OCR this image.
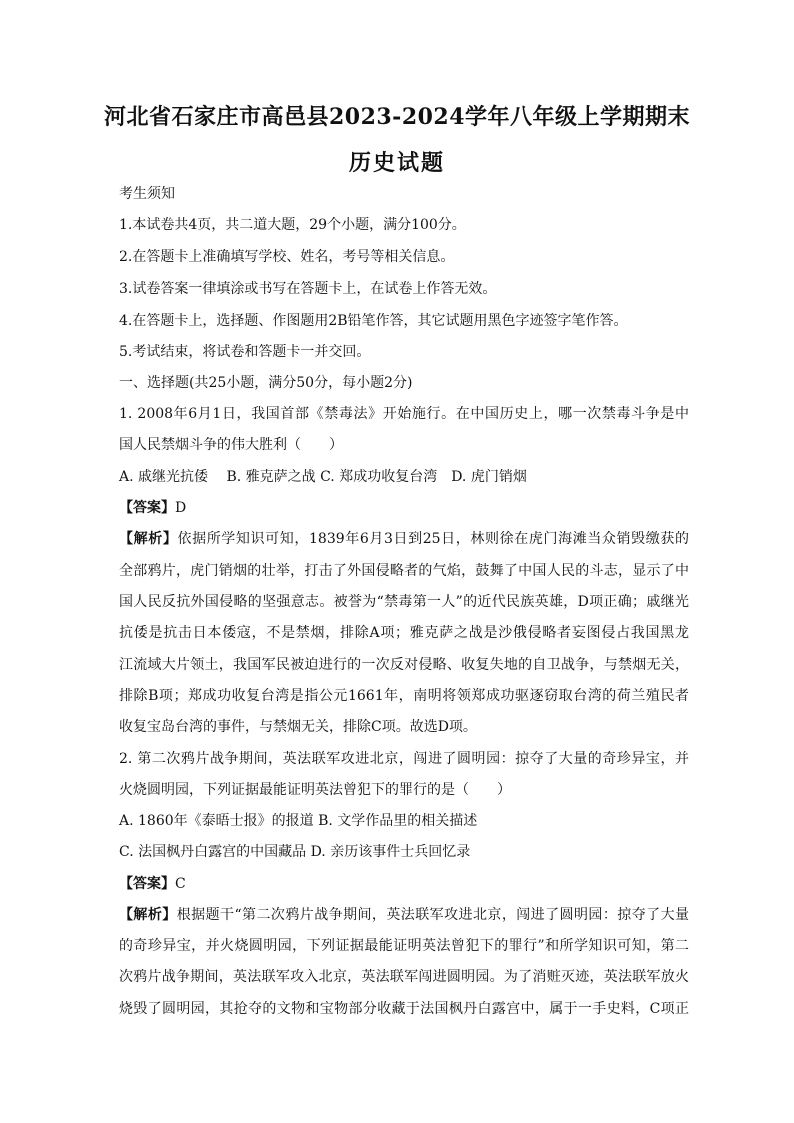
河北省石家庄市高邑县2023-2024学年八年级上学期期末
历史试题
考生须知
1.本试卷共4页，共二道大题，29个小题，满分100分。
2.在答题卡上准确填写学校、姓名，考号等相关信息。
3.试卷答案一律填涂或书写在答题卡上，在试卷上作答无效。
4.在答题卡上，选择题、作图题用2B铅笔作答，其它试题用黑色字迹签字笔作答。
5.考试结束，将试卷和答题卡一并交回。
一、选择题(共25小题，满分50分，每小题2分)
1. 2008年6月1日，我国首部《禁毒法》开始施行。在中国历史上，哪一次禁毒斗争是中
国人民禁烟斗争的伟大胜利（　　）
A. 戚继光抗倭　 B. 雅克萨之战 C. 郑成功收复台湾　D. 虎门销烟
【答案】D
【解析】依据所学知识可知，1839年6月3日到25日，林则徐在虎门海滩当众销毁缴获的
全部鸦片，虎门销烟的壮举，打击了外国侵略者的气焰，鼓舞了中国人民的斗志，显示了中
国人民反抗外国侵略的坚强意志。被誉为“禁毒第一人”的近代民族英雄，D项正确；戚继光
抗倭是抗击日本倭寇，不是禁烟，排除A项；雅克萨之战是沙俄侵略者妄图侵占我国黑龙
江流域大片领土，我国军民被迫进行的一次反对侵略、收复失地的自卫战争，与禁烟无关，
排除B项；郑成功收复台湾是指公元1661年，南明将领郑成功驱逐窃取台湾的荷兰殖民者
收复宝岛台湾的事件，与禁烟无关，排除C项。故选D项。
2. 第二次鸦片战争期间，英法联军攻进北京，闯进了圆明园：掠夺了大量的奇珍异宝，并
火烧圆明园，下列证据最能证明英法曾犯下的罪行的是（　　）
A. 1860年《泰晤士报》的报道 B. 文学作品里的相关描述
C. 法国枫丹白露宫的中国藏品 D. 亲历该事件士兵回忆录
【答案】C
【解析】根据题干“第二次鸦片战争期间，英法联军攻进北京，闯进了圆明园：掠夺了大量
的奇珍异宝，并火烧圆明园，下列证据最能证明英法曾犯下的罪行”和所学知识可知，第二
次鸦片战争期间，英法联军攻入北京，英法联军闯进圆明园。为了消赃灭迹，英法联军放火
烧毁了圆明园，其抢夺的文物和宝物部分收藏于法国枫丹白露宫中，属于一手史料，C项正
